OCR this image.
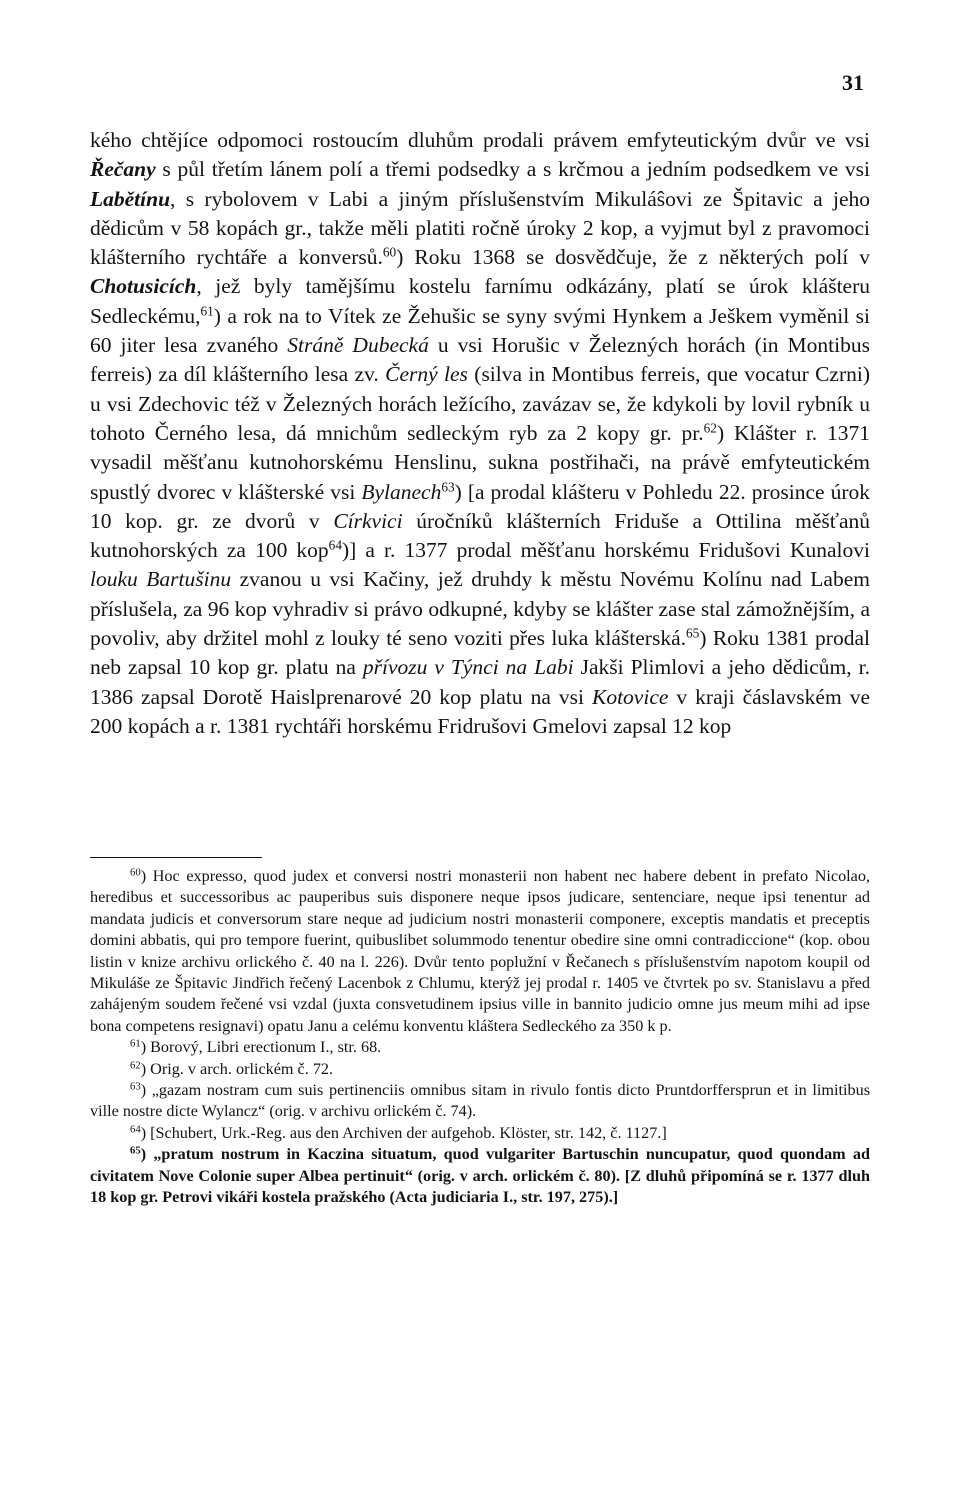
31

kého chtějíce odpomoci rostoucím dluhům prodali právem emfyteutickým dvůr ve vsi Řečany s půl třetím lánem polí a třemi podsedky a s krčmou a jedním podsedkem ve vsi Labětínu, s rybolovem v Labi a jiným příslušenstvím Mikuláŝovi ze Špitavic a jeho dědicům v 58 kopách gr., takže měli platiti ročně úroky 2 kop, a vyjmut byl z pravomoci klášterního rychtáře a konversů.$^{60}$) Roku 1368 se dosvědčuje, že z některých polí v Chotusicích, jež byly tamějšímu kostelu farnímu odkázány, platí se úrok klášteru Sedleckému,$^{61}$) a rok na to Vítek ze Žehušic se syny svými Hynkem a Ješkem vyměnil si 60 jiter lesa zvaného Stráně Dubecká u vsi Horušic v Železných horách (in Montibus ferreis) za díl klášterního lesa zv. Černý les (silva in Montibus ferreis, que vocatur Czrni) u vsi Zdechovic též v Železných horách ležícího, zavázav se, že kdykoli by lovil rybník u tohoto Černého lesa, dá mnichům sedleckým ryb za 2 kopy gr. pr.$^{62}$) Klášter r. 1371 vysadil měšťanu kutnohorskému Henslinu, sukna postřihači, na právě emfyteutickém spustlý dvorec v klášterské vsi Bylanech$^{63}$) [a prodal klášteru v Pohledu 22. prosince úrok 10 kop. gr. ze dvorů v Církvici úročníků klášterních Friduše a Ottilina měšťanů kutnohorských za 100 kop$^{64}$)] a r. 1377 prodal měšťanu horskému Fridušovi Kunalovi louku Bartušinu zvanou u vsi Kačiny, jež druhdy k městu Novému Kolínu nad Labem příslušela, za 96 kop vyhradiv si právo odkupné, kdyby se klášter zase stal zámožnějším, a povoliv, aby držitel mohl z louky té seno voziti přes luka klášterská.$^{65}$) Roku 1381 prodal neb zapsal 10 kop gr. platu na přívozu v Týnci na Labi Jakši Plimlovi a jeho dědicům, r. 1386 zapsal Dorotě Haislprenarové 20 kop platu na vsi Kotovice v kraji čáslavském ve 200 kopách a r. 1381 rychtáři horskému Fridrušovi Gmelovi zapsal 12 kop

$^{60}$) Hoc expresso, quod judex et conversi nostri monasterii non habent nec habere debent in prefato Nicolao, heredibus et successoribus ac pauperibus suis disponere neque ipsos judicare, sentenciare, neque ipsi tenentur ad mandata judicis et conversorum stare neque ad judicium nostri monasterii componere, exceptis mandatis et preceptis domini abbatis, qui pro tempore fuerint, quibuslibet solummodo tenentur obedire sine omni contradiccione“ (kop. obou listin v knize archivu orlického č. 40 na l. 226). Dvůr tento poplužní v Řečanech s příslušenstvím napotom koupil od Mikuláše ze Špitavic Jindřich řečený Lacenbok z Chlumu, kterýž jej prodal r. 1405 ve čtvrtek po sv. Stanislavu a před zahájeným soudem řečené vsi vzdal (juxta consvetudinem ipsius ville in bannito judicio omne jus meum mihi ad ipse bona competens resignavi) opatu Janu a celému konventu kláštera Sedleckého za 350 k p.

$^{61}$) Borový, Libri erectionum I., str. 68.

$^{62}$) Orig. v arch. orlickém č. 72.

$^{63}$) „gazam nostram cum suis pertinenciis omnibus sitam in rivulo fontis dicto Pruntdorffersprun et in limitibus ville nostre dicte Wylancz“ (orig. v archivu orlickém č. 74).

$^{64}$) [Schubert, Urk.-Reg. aus den Archiven der aufgehob. Klöster, str. 142, č. 1127.]

$^{65}$) „pratum nostrum in Kaczina situatum, quod vulgariter Bartuschin nuncupatur, quod quondam ad civitatem Nove Colonie super Albea pertinuit“ (orig. v arch. orlickém č. 80). [Z dluhů připomíná se r. 1377 dluh 18 kop gr. Petrovi vikáři kostela pražského (Acta judiciaria I., str. 197, 275).]
